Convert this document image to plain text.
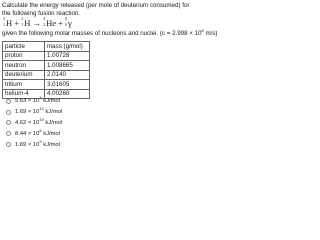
Calculate the energy released (per mole of deuterium consumed) for the following fusion reaction.
2
1 H + 2
1 H → 4
2 He + 0
0 γ
given the following molar masses of nucleons and nuclei. ($c = 2.998 \times 10^8$ m/s)
particle	mass (g/mol)
proton	1.00728
neutron	1.008665
deuterium	2.0140
tritium	3.01605
helium-4	4.00260
$5.63 \times 10^3$ kJ/mol
$1.69 \times 10^{12}$ kJ/mol
$4.62 \times 10^{10}$ kJ/mol
$8.44 \times 10^8$ kJ/mol
$1.69 \times 10^9$ kJ/mol
